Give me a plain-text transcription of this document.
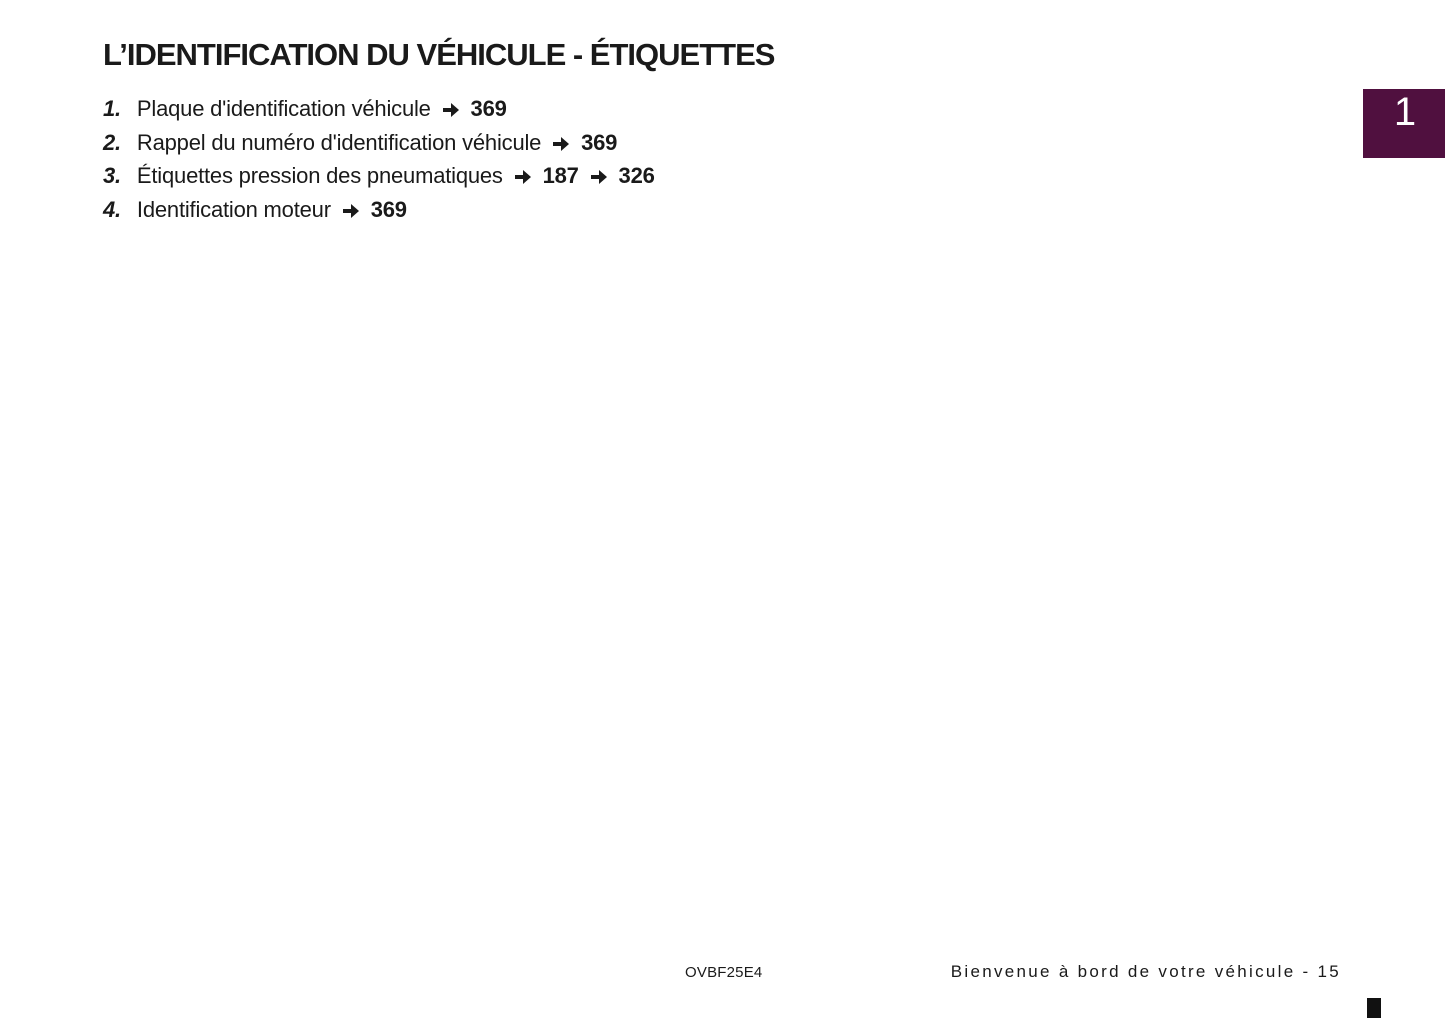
L’IDENTIFICATION DU VÉHICULE - ÉTIQUETTES
1. Plaque d'identification véhicule 369
2. Rappel du numéro d'identification véhicule 369
3. Étiquettes pression des pneumatiques 187 326
4. Identification moteur 369
1
OVBF25E4	Bienvenue à bord de votre véhicule - 15
